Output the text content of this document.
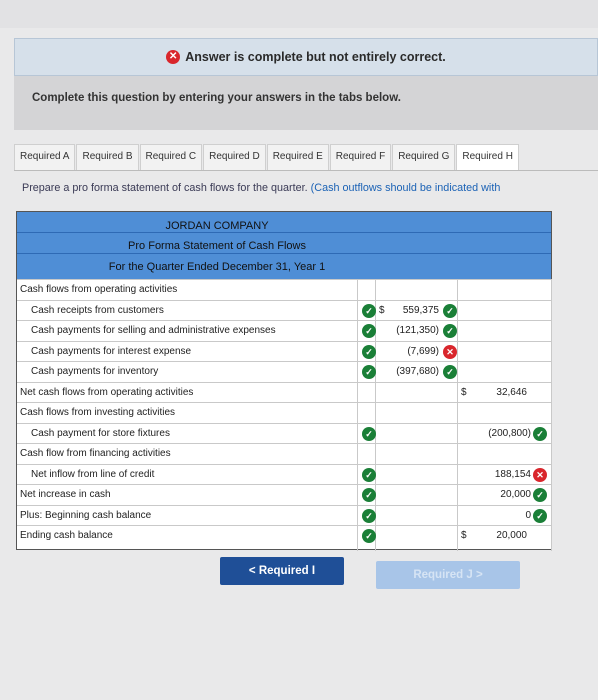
✕ Answer is complete but not entirely correct.
Complete this question by entering your answers in the tabs below.
Required A	Required B	Required C	Required D	Required E	Required F	Required G	Required H
Prepare a pro forma statement of cash flows for the quarter. (Cash outflows should be indicated with
JORDAN COMPANY
Pro Forma Statement of Cash Flows
For the Quarter Ended December 31, Year 1
Cash flows from operating activities
Cash receipts from customers	✓ $ 559,375 ✓
Cash payments for selling and administrative expenses	✓	(121,350) ✓
Cash payments for interest expense	✓	(7,699) ✕
Cash payments for inventory	✓	(397,680) ✓
Net cash flows from operating activities	$	32,646
Cash flows from investing activities
Cash payment for store fixtures	✓	(200,800) ✓
Cash flow from financing activities
Net inflow from line of credit	✓	188,154 ✕
Net increase in cash	✓	20,000 ✓
Plus: Beginning cash balance	✓	0 ✓
Ending cash balance	✓	$	20,000
< Required I	Required J >
